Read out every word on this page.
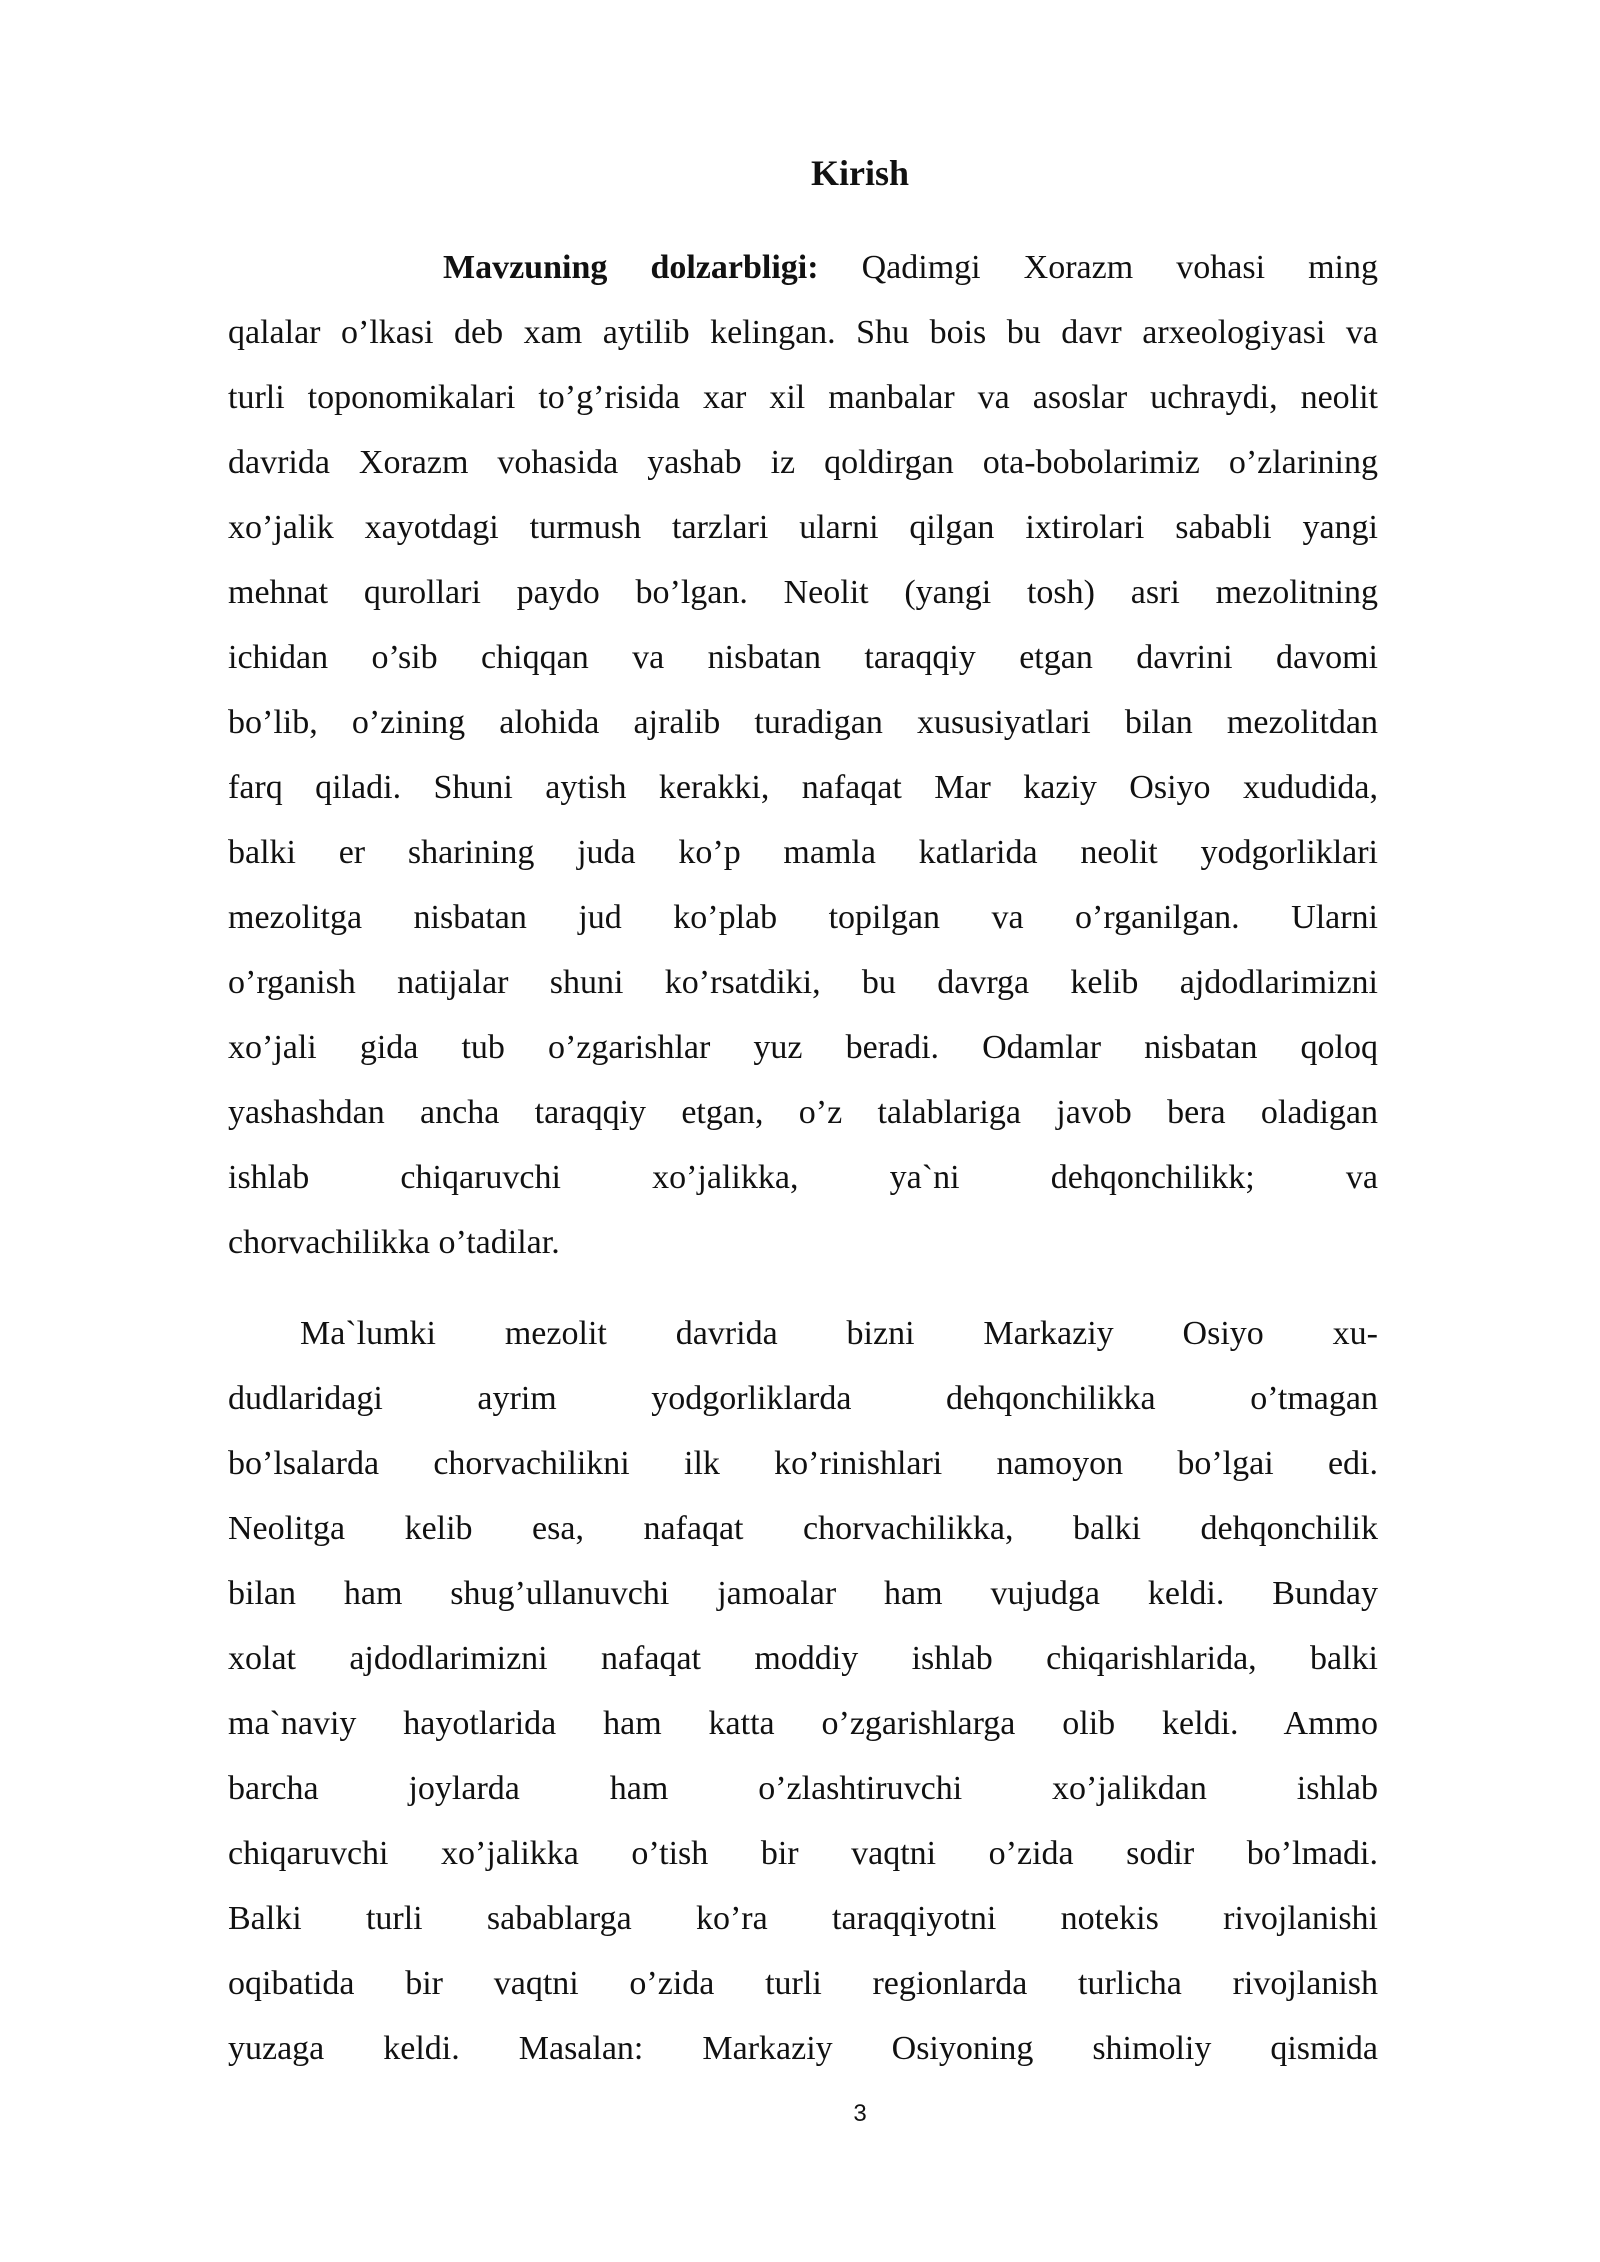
Kirish
Mavzuning dolzarbligi: Qadimgi Xorazm vohasi ming
qalalar o’lkasi deb xam aytilib kelingan. Shu bois bu davr arxeologiyasi va
turli toponomikalari to’g’risida xar xil manbalar va asoslar uchraydi, neolit
davrida Xorazm vohasida yashab iz qoldirgan ota-bobolarimiz o’zlarining
xo’jalik xayotdagi turmush tarzlari ularni qilgan ixtirolari sababli yangi
mehnat qurollari paydo bo’lgan. Neolit (yangi tosh) asri mezolitning
ichidan o’sib chiqqan va nisbatan taraqqiy etgan davrini davomi
bo’lib, o’zining alohida ajralib turadigan xususiyatlari bilan mezolitdan
farq qiladi. Shuni aytish kerakki, nafaqat Mar kaziy Osiyo xududida,
balki er sharining juda ko’p mamla katlarida neolit yodgorliklari
mezolitga nisbatan jud ko’plab topilgan va o’rganilgan. Ularni
o’rganish natijalar shuni ko’rsatdiki, bu davrga kelib ajdodlarimizni
xo’jali gida tub o’zgarishlar yuz beradi. Odamlar nisbatan qoloq
yashashdan ancha taraqqiy etgan, o’z talablariga javob bera oladigan
ishlab chiqaruvchi xo’jalikka, ya`ni dehqonchilikk; va
chorvachilikka o’tadilar.
Ma`lumki mezolit davrida bizni Markaziy Osiyo xu-
dudlaridagi ayrim yodgorliklarda dehqonchilikka o’tmagan
bo’lsalarda chorvachilikni ilk ko’rinishlari namoyon bo’lgai edi.
Neolitga kelib esa, nafaqat chorvachilikka, balki dehqonchilik
bilan ham shug’ullanuvchi jamoalar ham vujudga keldi. Bunday
xolat ajdodlarimizni nafaqat moddiy ishlab chiqarishlarida, balki
ma`naviy hayotlarida ham katta o’zgarishlarga olib keldi. Ammo
barcha joylarda ham o’zlashtiruvchi xo’jalikdan ishlab
chiqaruvchi xo’jalikka o’tish bir vaqtni o’zida sodir bo’lmadi.
Balki turli sabablarga ko’ra taraqqiyotni notekis rivojlanishi
oqibatida bir vaqtni o’zida turli regionlarda turlicha rivojlanish
yuzaga keldi. Masalan: Markaziy Osiyoning shimoliy qismida
3
